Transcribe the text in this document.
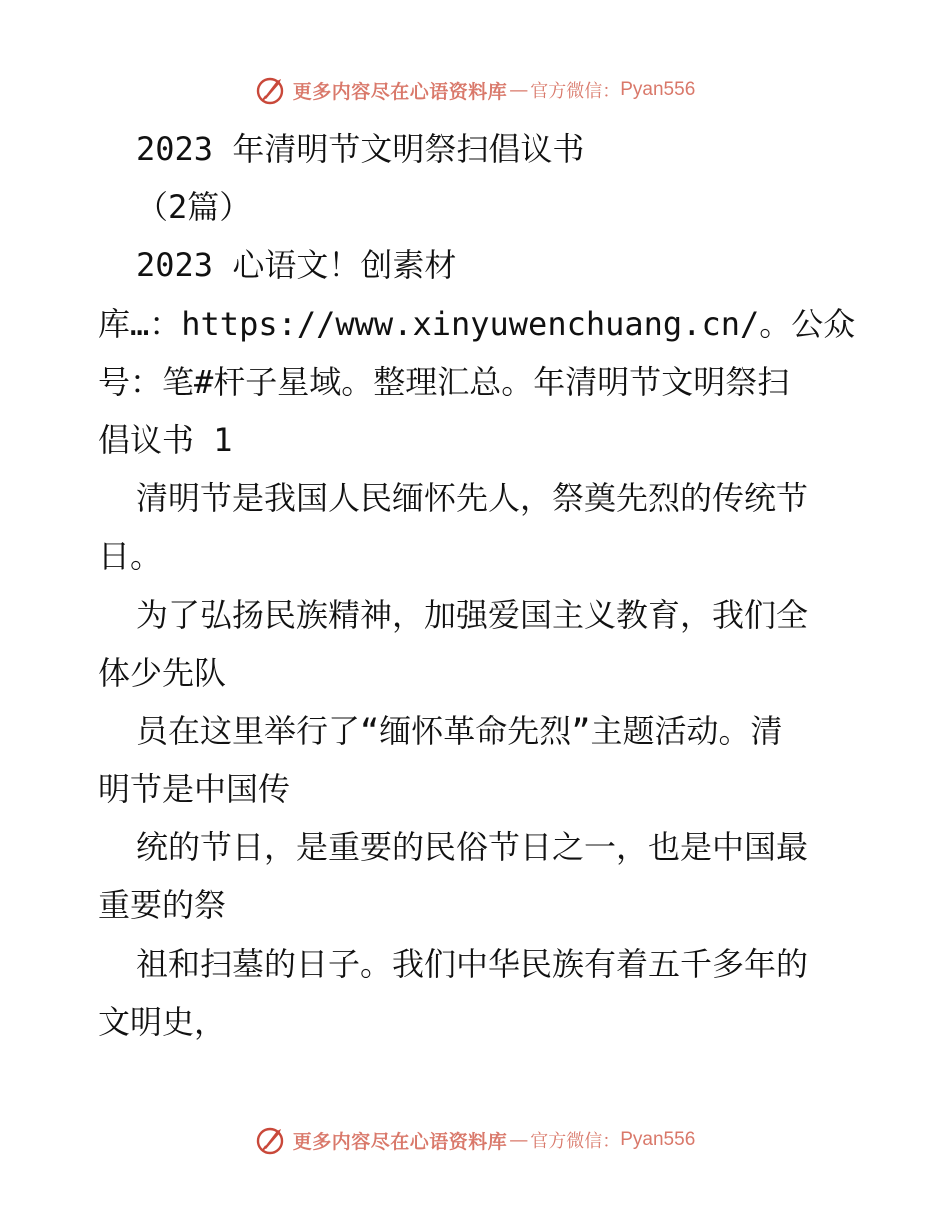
更多内容尽在心语资料库 — 官方微信： Pyan556
2023 年清明节文明祭扫倡议书
（2篇）
2023 心语文！创素材
库…：https://www.xinyuwenchuang.cn/。公众
号：笔#杆子星域。整理汇总。年清明节文明祭扫
倡议书 1
清明节是我国人民缅怀先人，祭奠先烈的传统节
日。
为了弘扬民族精神，加强爱国主义教育，我们全
体少先队
员在这里举行了“缅怀革命先烈”主题活动。清
明节是中国传
统的节日，是重要的民俗节日之一，也是中国最
重要的祭
祖和扫墓的日子。我们中华民族有着五千多年的
文明史，
更多内容尽在心语资料库 — 官方微信： Pyan556
